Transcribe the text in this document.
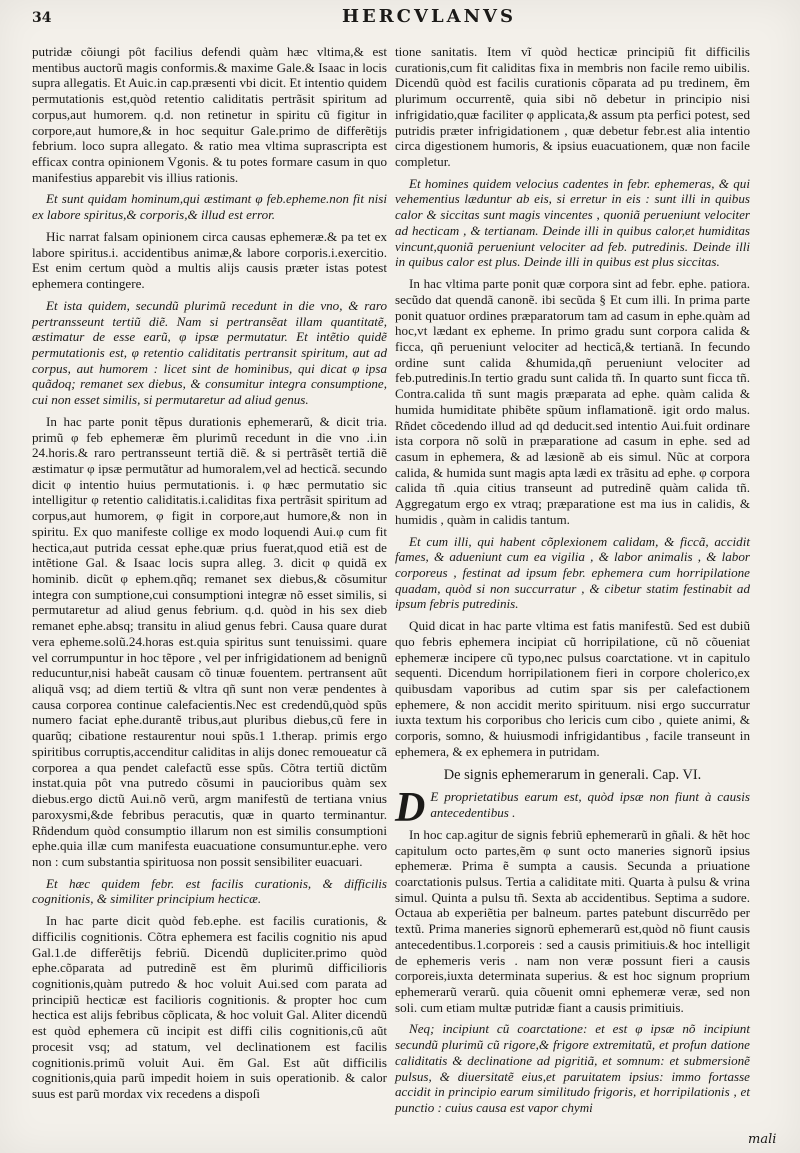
34	HERCVLANVS

putridæ cõiungi pôt facilius defendi quàm hæc vltima,& est mentibus auctorũ magis conformis.& maxime Gale.& Isaac in locis supra allegatis. Et Auic.in cap.præsenti vbi dicit. Et intentio quidem permutationis est,quòd retentio caliditatis pertrãsit spiritum ad corpus,aut humorem. q.d. non retinetur in spiritu cũ figitur in corpore,aut humore,& in hoc sequitur Gale.primo de differẽtijs febrium. loco supra allegato. & ratio mea vltima suprascripta est efficax contra opinionem Vgonis. & tu potes formare casum in quo manifestius apparebit vis illius rationis.

Et sunt quidam hominum,qui æstimant φ feb.epheme.non fit nisi ex labore spiritus,& corporis,& illud est error.

Hic narrat falsam opinionem circa causas ephemeræ.& pa tet ex labore spiritus.i. accidentibus animæ,& labore corporis.i.exercitio. Est enim certum quòd a multis alijs causis præter istas potest ephemera contingere.

Et ista quidem, secundũ plurimũ recedunt in die vno, & raro pertransseunt tertiũ diẽ. Nam si pertransẽat illam quantitatẽ, æstimatur de esse earũ, φ ipsæ permutatur. Et intẽtio quidẽ permutationis est, φ retentio caliditatis pertransit spiritum, aut ad corpus, aut humorem : licet sint de hominibus, qui dicat φ ipsa quãdoq; remanet sex diebus, & consumitur integra consumptione, cui non esset similis, si permutaretur ad aliud genus.

In hac parte ponit tẽpus durationis ephemerarũ, & dicit tria. primũ φ feb ephemeræ ẽm plurimũ recedunt in die vno .i.in 24.horis.& raro pertransseunt tertiã diẽ. & si pertrãsẽt tertiã diẽ æstimatur φ ipsæ permutãtur ad humoralem,vel ad hecticã. secundo dicit φ intentio huius permutationis. i. φ hæc permutatio sic intelligitur φ retentio caliditatis.i.caliditas fixa pertrãsit spiritum ad corpus,aut humorem, φ figit in corpore,aut humore,& non in spiritu. Ex quo manifeste collige ex modo loquendi Aui.φ cum fit hectica,aut putrida cessat ephe.quæ prius fuerat,quod etiã est de intẽtione Gal. & Isaac locis supra alleg. 3. dicit φ quidã ex hominib. dicũt φ ephem.qñq; remanet sex diebus,& cõsumitur integra con sumptione,cui consumptioni integræ nõ esset similis, si permutaretur ad aliud genus febrium. q.d. quòd in his sex dieb remanet ephe.absq; transitu in aliud genus febri. Causa quare durat vera epheme.solũ.24.horas est.quia spiritus sunt tenuissimi. quare vel corrumpuntur in hoc tẽpore , vel per infrigidationem ad benignũ reducuntur,nisi habeãt causam cõ tinuæ fouentem. pertransent aũt aliquã vsq; ad diem tertiũ & vltra qñ sunt non veræ pendentes à causa corporea continue calefacientis.Nec est credendũ,quòd spũs numero faciat ephe.durantẽ tribus,aut pluribus diebus,cũ fere in quarũq; cibatione restaurentur noui spũs.1 1.therap. primis ergo spiritibus corruptis,accenditur caliditas in alijs donec remoueatur cã corporea a qua pendet calefactũ esse spũs. Cõtra tertiũ dictũm instat.quia pôt vna putredo cõsumi in paucioribus quàm sex diebus.ergo dictũ Aui.nõ verũ, argm manifestũ de tertiana vnius paroxysmi,&de febribus peracutis, quæ in quarto terminantur. Rñdendum quòd consumptio illarum non est similis consumptioni ephe.quia illæ cum manifesta euacuatione consumuntur.ephe. vero non : cum substantia spirituosa non possit sensibiliter euacuari.

Et hæc quidem febr. est facilis curationis, & difficilis cognitionis, & similiter principium hecticæ.

In hac parte dicit quòd feb.ephe. est facilis curationis, & difficilis cognitionis. Cõtra ephemera est facilis cognitio nis apud Gal.1.de differẽtijs febriũ. Dicendũ dupliciter.primo quòd ephe.cõparata ad putredinẽ est ẽm plurimũ difficilioris cognitionis,quàm putredo & hoc voluit Aui.sed com parata ad principiũ hecticæ est facilioris cognitionis. & propter hoc cum hectica est alijs febribus cõplicata, & hoc voluit Gal. Aliter dicendũ est quòd ephemera cũ incipit est diffi cilis cognitionis,cũ aũt procesit vsq; ad statum, vel declinationem est facilis cognitionis.primũ voluit Aui. ẽm Gal. Est aũt difficilis cognitionis,quia parũ impedit hoiem in suis operationib. & calor suus est parũ mordax vix recedens a dispoſi

tione sanitatis. Item vĩ quòd hecticæ principiũ fit difficilis curationis,cum fit caliditas fixa in membris non facile remo uibilis. Dicendũ quòd est facilis curationis cõparata ad pu tredinem, ẽm plurimum occurrentẽ, quia sibi nõ debetur in principio nisi infrigidatio,quæ faciliter φ applicata,& assum pta perfici potest, sed putridis præter infrigidationem , quæ debetur febr.est alia intentio circa digestionem humoris, & ipsius euacuationem, quæ non facile completur.

Et homines quidem velocius cadentes in febr. ephemeras, & qui vehementius læduntur ab eis, si erretur in eis : sunt illi in quibus calor & siccitas sunt magis vincentes , quoniã perueniunt velociter ad hecticam , & tertianam. Deinde illi in quibus calor,et humiditas vincunt,quoniã perueniunt velociter ad feb. putredinis. Deinde illi in quibus calor est plus. Deinde illi in quibus est plus siccitas.

In hac vltima parte ponit quæ corpora sint ad febr. ephe. patiora. secũdo dat quendã canonẽ. ibi secũda § Et cum illi. In prima parte ponit quatuor ordines præparatorum tam ad casum in ephe.quàm ad hoc,vt lædant ex epheme. In primo gradu sunt corpora calida & ficca, qñ perueniunt velociter ad hecticã,& tertianã. In fecundo ordine sunt calida &humida,qñ perueniunt velociter ad feb.putredinis.In tertio gradu sunt calida tñ. In quarto sunt ficca tñ. Contra.calida tñ sunt magis præparata ad ephe. quàm calida & humida humiditate phibẽte spũum inflamationẽ. igit ordo malus. Rñdet cõcedendo illud ad qd deducit.sed intentio Aui.fuit ordinare ista corpora nõ solũ in præparatione ad casum in ephe. sed ad casum in ephemera, & ad læsionẽ ab eis simul. Nũc at corpora calida, & humida sunt magis apta lædi ex trãsitu ad ephe. φ corpora calida tñ .quia citius transeunt ad putredinẽ quàm calida tñ. Aggregatum ergo ex vtraq; præparatione est ma ius in calidis, & humidis , quàm in calidis tantum.

Et cum illi, qui habent cõplexionem calidam, & ficcã, accidit fames, & adueniunt cum ea vigilia , & labor animalis , & labor corporeus , festinat ad ipsum febr. ephemera cum horripilatione quadam, quòd si non succurratur , & cibetur statim festinabit ad ipsum febris putredinis.

Quid dicat in hac parte vltima est fatis manifestũ. Sed est dubiũ quo febris ephemera incipiat cũ horripilatione, cũ nõ cõueniat ephemeræ incipere cũ typo,nec pulsus coarctatione. vt in capitulo sequenti. Dicendum horripilationem fieri in corpore cholerico,ex quibusdam vaporibus ad cutim spar sis per calefactionem ephemere, & non accidit merito spirituum. nisi ergo succurratur iuxta textum his corporibus cho lericis cum cibo , quiete animi, & corporis, somno, & huiusmodi infrigidantibus , facile transeunt in ephemera, & ex ephemera in putridam.

De signis ephemerarum in generali. Cap. VI.

D E proprietatibus earum est, quòd ipsæ non fiunt à causis antecedentibus .

In hoc cap.agitur de signis febriũ ephemerarũ in gñali. & hẽt hoc capitulum octo partes,ẽm φ sunt octo maneries signorũ ipsius ephemeræ. Prima ẽ sumpta a causis. Secunda a priuatione coarctationis pulsus. Tertia a caliditate miti. Quarta à pulsu & vrina simul. Quinta a pulsu tñ. Sexta ab accidentibus. Septima a sudore. Octaua ab experiẽtia per balneum. partes patebunt discurrẽdo per textũ. Prima maneries signorũ ephemerarũ est,quòd nõ fiunt causis antecedentibus.1.corporeis : sed a causis primitiuis.& hoc intelligit de ephemeris veris . nam non veræ possunt fieri a causis corporeis,iuxta determinata superius. & est hoc signum proprium ephemerarũ verarũ. quia cõuenit omni ephemeræ veræ, sed non soli. cum etiam multæ putridæ fiant a causis primitiuis.

Neq; incipiunt cũ coarctatione: et est φ ipsæ nõ incipiunt secundũ plurimũ cũ rigore,& frigore extremitatũ, et profun datione caliditatis & declinatione ad pigritiã, et somnum: et submersionẽ pulsus, & diuersitatẽ eius,et paruitatem ipsius: immo fortasse accidit in principio earum similitudo frigoris, et horripilationis , et punctio : cuius causa est vapor chymi

mali
